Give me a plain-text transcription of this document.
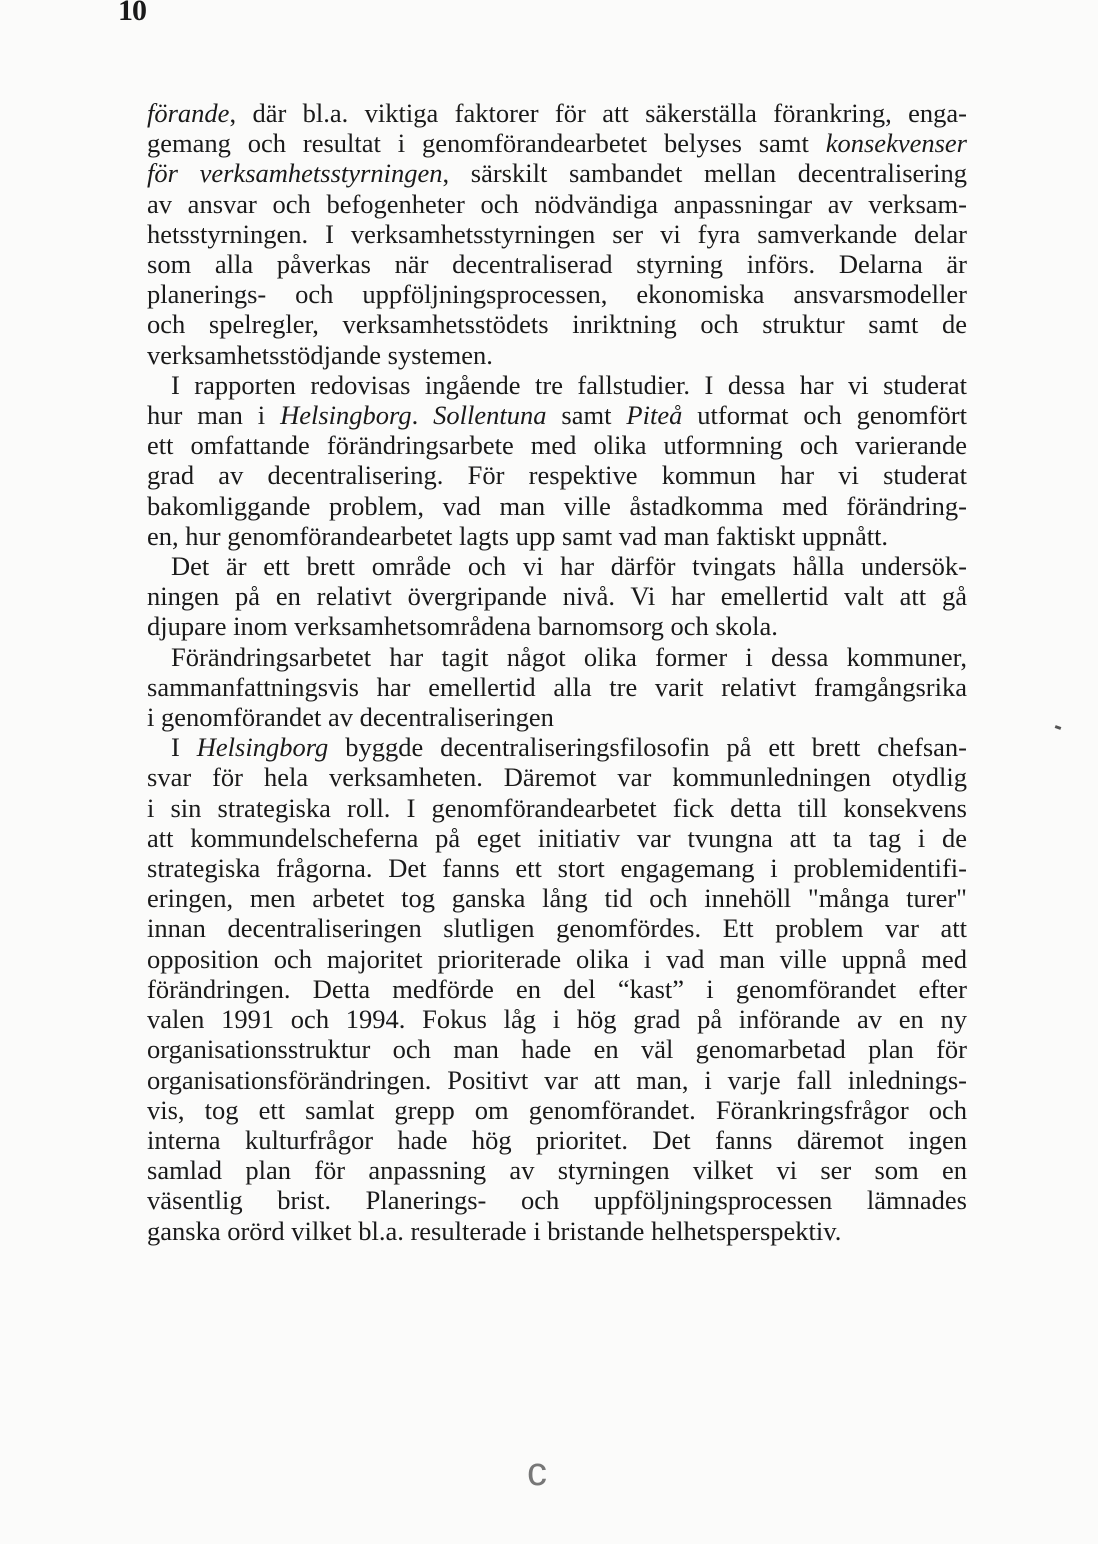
10
förande, där bl.a. viktiga faktorer för att säkerställa förankring, enga-
gemang och resultat i genomförandearbetet belyses samt konsekvenser
för verksamhetsstyrningen, särskilt sambandet mellan decentralisering
av ansvar och befogenheter och nödvändiga anpassningar av verksam-
hetsstyrningen. I verksamhetsstyrningen ser vi fyra samverkande delar
som alla påverkas när decentraliserad styrning införs. Delarna är
planerings- och uppföljningsprocessen, ekonomiska ansvarsmodeller
och spelregler, verksamhetsstödets inriktning och struktur samt de
verksamhetsstödjande systemen.
I rapporten redovisas ingående tre fallstudier. I dessa har vi studerat
hur man i Helsingborg. Sollentuna samt Piteå utformat och genomfört
ett omfattande förändringsarbete med olika utformning och varierande
grad av decentralisering. För respektive kommun har vi studerat
bakomliggande problem, vad man ville åstadkomma med förändring-
en, hur genomförandearbetet lagts upp samt vad man faktiskt uppnått.
Det är ett brett område och vi har därför tvingats hålla undersök-
ningen på en relativt övergripande nivå. Vi har emellertid valt att gå
djupare inom verksamhetsområdena barnomsorg och skola.
Förändringsarbetet har tagit något olika former i dessa kommuner,
sammanfattningsvis har emellertid alla tre varit relativt framgångsrika
i genomförandet av decentraliseringen
I Helsingborg byggde decentraliseringsfilosofin på ett brett chefsan-
svar för hela verksamheten. Däremot var kommunledningen otydlig
i sin strategiska roll. I genomförandearbetet fick detta till konsekvens
att kommundelscheferna på eget initiativ var tvungna att ta tag i de
strategiska frågorna. Det fanns ett stort engagemang i problemidentifi-
eringen, men arbetet tog ganska lång tid och innehöll "många turer"
innan decentraliseringen slutligen genomfördes. Ett problem var att
opposition och majoritet prioriterade olika i vad man ville uppnå med
förändringen. Detta medförde en del “kast” i genomförandet efter
valen 1991 och 1994. Fokus låg i hög grad på införande av en ny
organisationsstruktur och man hade en väl genomarbetad plan för
organisationsförändringen. Positivt var att man, i varje fall inlednings-
vis, tog ett samlat grepp om genomförandet. Förankringsfrågor och
interna kulturfrågor hade hög prioritet. Det fanns däremot ingen
samlad plan för anpassning av styrningen vilket vi ser som en
väsentlig brist. Planerings- och uppföljningsprocessen lämnades
ganska orörd vilket bl.a. resulterade i bristande helhetsperspektiv.
c
